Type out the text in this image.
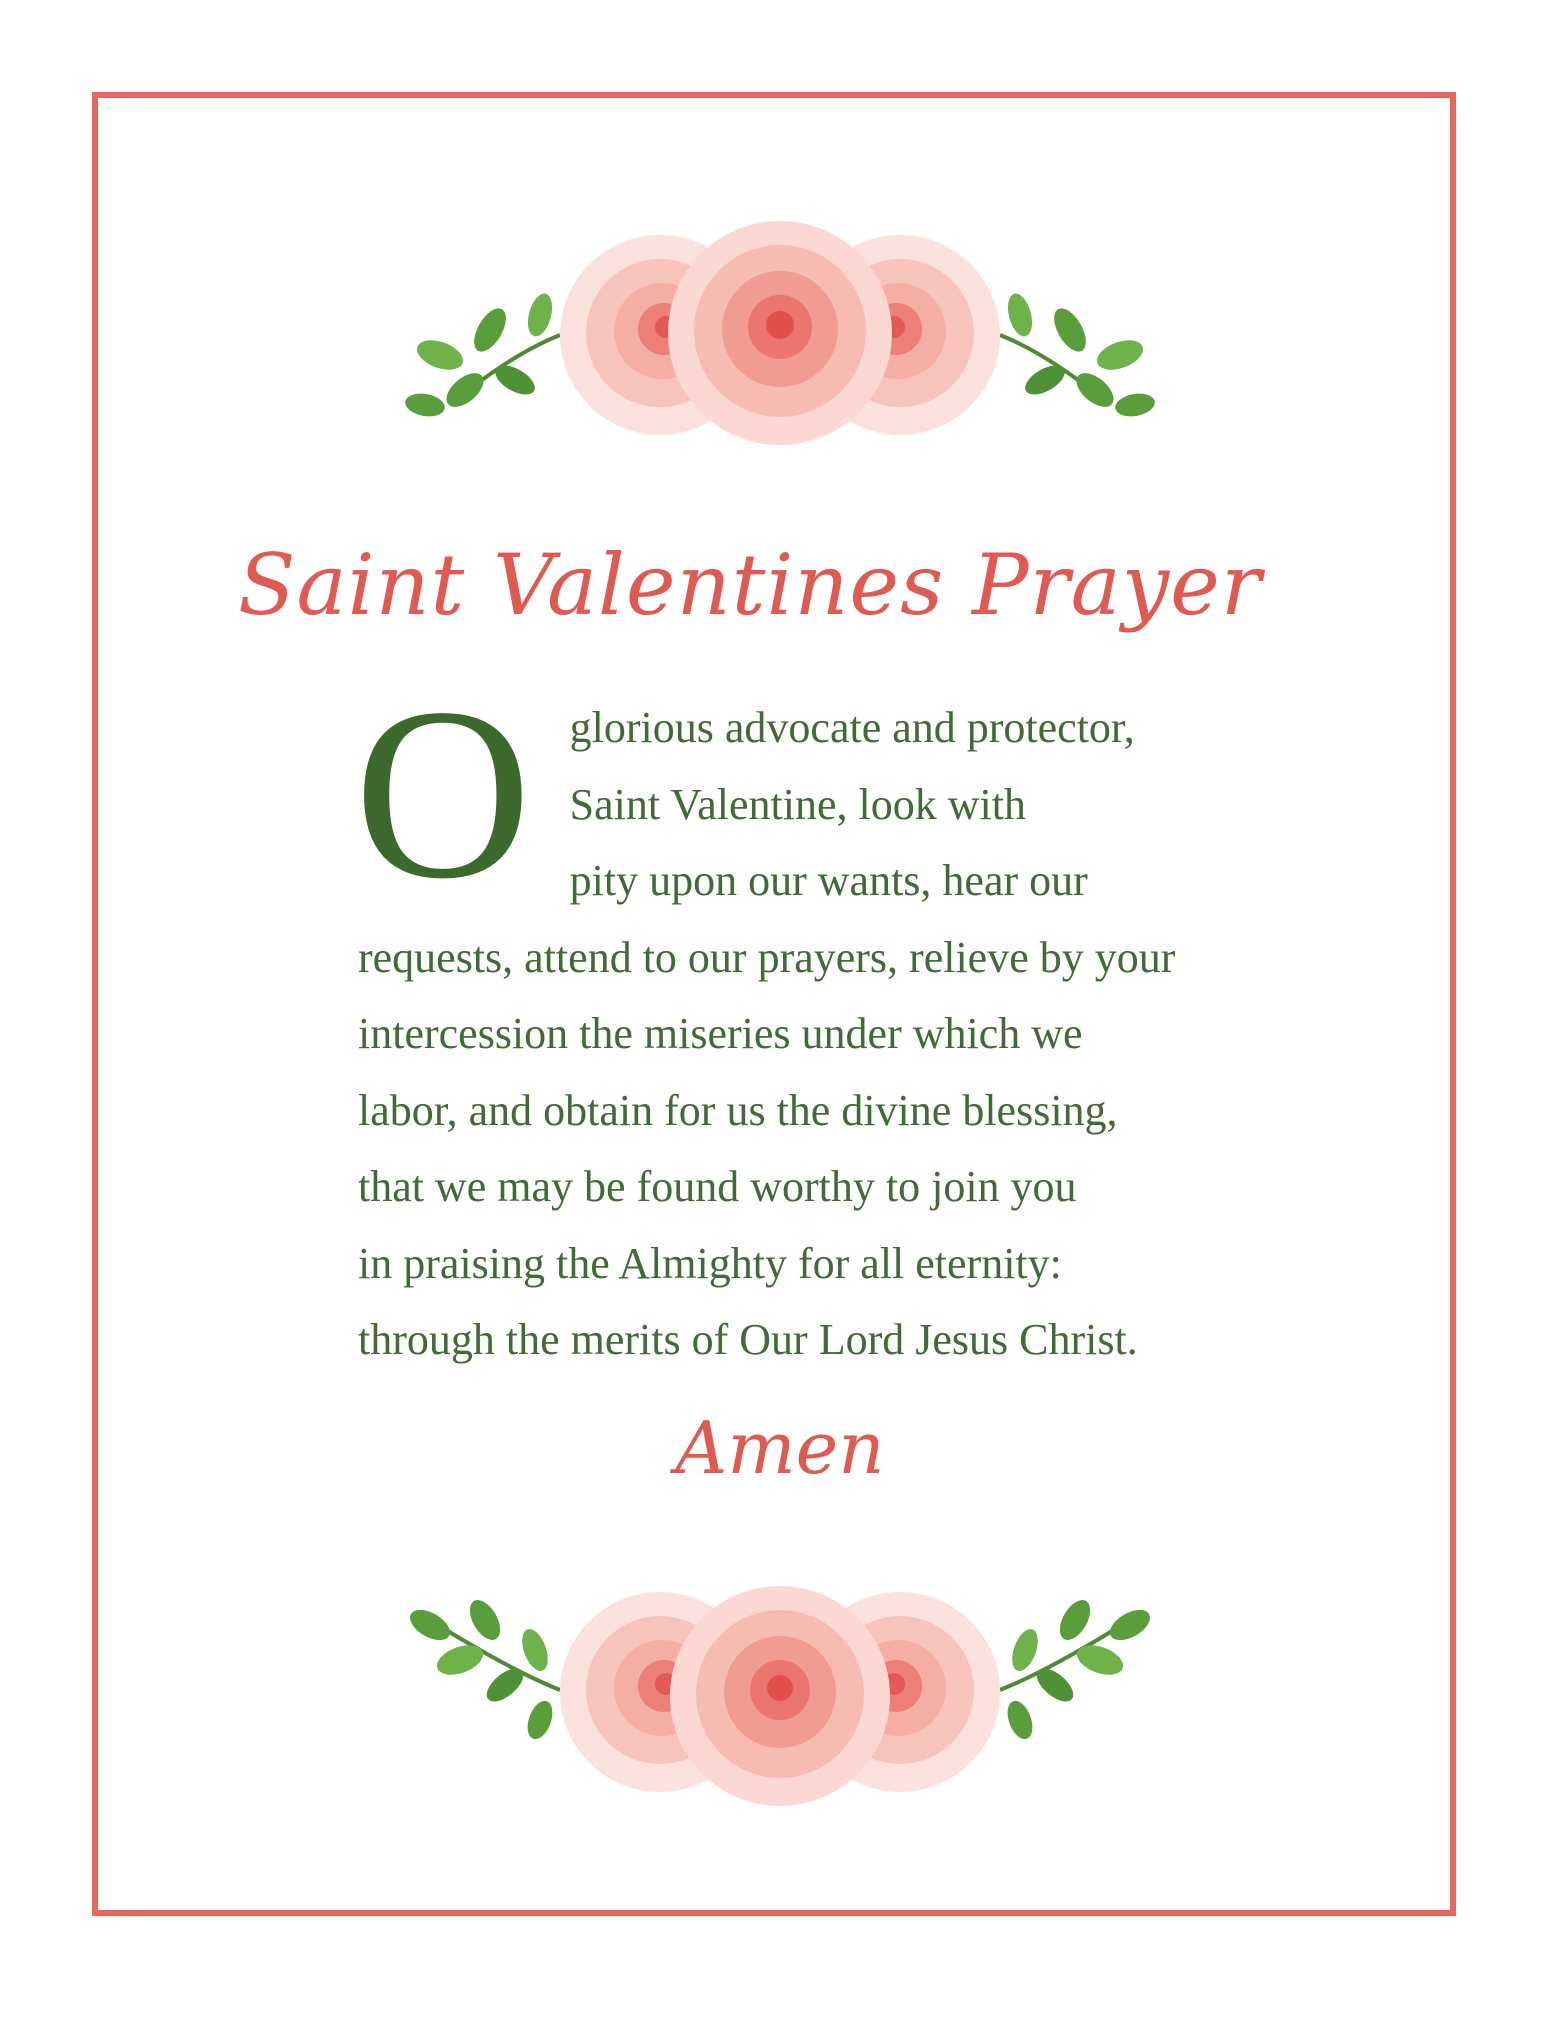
Saint Valentines Prayer
O glorious advocate and protector,
Saint Valentine, look with
pity upon our wants, hear our
requests, attend to our prayers, relieve by your
intercession the miseries under which we
labor, and obtain for us the divine blessing,
that we may be found worthy to join you
in praising the Almighty for all eternity:
through the merits of Our Lord Jesus Christ.
Amen
